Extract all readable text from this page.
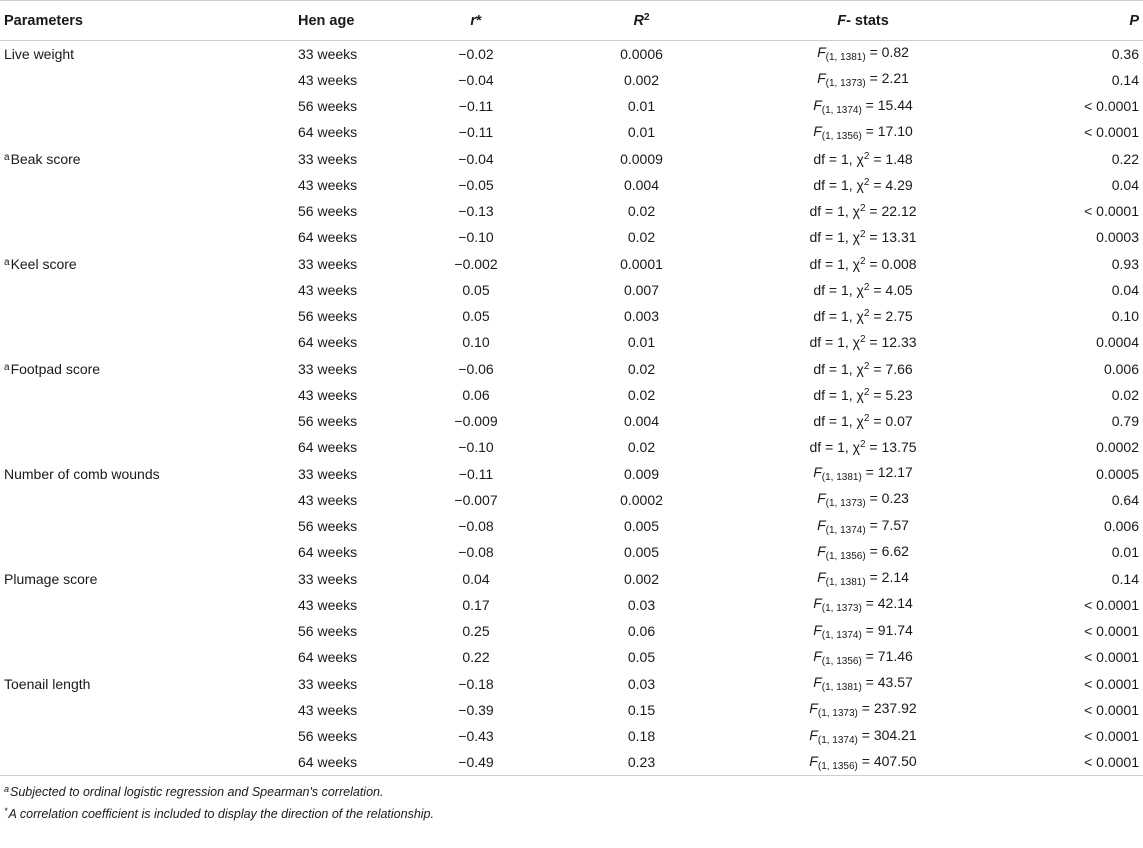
Parameters	Hen age	r*	$R^2$	F- stats	P
Live weight	33 weeks	−0.02	0.0006	$F_{(1, 1381)} = 0.82$	0.36
	43 weeks	−0.04	0.002	$F_{(1, 1373)} = 2.21$	0.14
	56 weeks	−0.11	0.01	$F_{(1, 1374)} = 15.44$	< 0.0001
	64 weeks	−0.11	0.01	$F_{(1, 1356)} = 17.10$	< 0.0001
$^a$Beak score	33 weeks	−0.04	0.0009	df = 1, $\chi^2 = 1.48$	0.22
	43 weeks	−0.05	0.004	df = 1, $\chi^2 = 4.29$	0.04
	56 weeks	−0.13	0.02	df = 1, $\chi^2 = 22.12$	< 0.0001
	64 weeks	−0.10	0.02	df = 1, $\chi^2 = 13.31$	0.0003
$^a$Keel score	33 weeks	−0.002	0.0001	df = 1, $\chi^2 = 0.008$	0.93
	43 weeks	0.05	0.007	df = 1, $\chi^2 = 4.05$	0.04
	56 weeks	0.05	0.003	df = 1, $\chi^2 = 2.75$	0.10
	64 weeks	0.10	0.01	df = 1, $\chi^2 = 12.33$	0.0004
$^a$Footpad score	33 weeks	−0.06	0.02	df = 1, $\chi^2 = 7.66$	0.006
	43 weeks	0.06	0.02	df = 1, $\chi^2 = 5.23$	0.02
	56 weeks	−0.009	0.004	df = 1, $\chi^2 = 0.07$	0.79
	64 weeks	−0.10	0.02	df = 1, $\chi^2 = 13.75$	0.0002
Number of comb wounds	33 weeks	−0.11	0.009	$F_{(1, 1381)} = 12.17$	0.0005
	43 weeks	−0.007	0.0002	$F_{(1, 1373)} = 0.23$	0.64
	56 weeks	−0.08	0.005	$F_{(1, 1374)} = 7.57$	0.006
	64 weeks	−0.08	0.005	$F_{(1, 1356)} = 6.62$	0.01
Plumage score	33 weeks	0.04	0.002	$F_{(1, 1381)} = 2.14$	0.14
	43 weeks	0.17	0.03	$F_{(1, 1373)} = 42.14$	< 0.0001
	56 weeks	0.25	0.06	$F_{(1, 1374)} = 91.74$	< 0.0001
	64 weeks	0.22	0.05	$F_{(1, 1356)} = 71.46$	< 0.0001
Toenail length	33 weeks	−0.18	0.03	$F_{(1, 1381)} = 43.57$	< 0.0001
	43 weeks	−0.39	0.15	$F_{(1, 1373)} = 237.92$	< 0.0001
	56 weeks	−0.43	0.18	$F_{(1, 1374)} = 304.21$	< 0.0001
	64 weeks	−0.49	0.23	$F_{(1, 1356)} = 407.50$	< 0.0001
$^a$Subjected to ordinal logistic regression and Spearman's correlation.
*A correlation coefficient is included to display the direction of the relationship.
